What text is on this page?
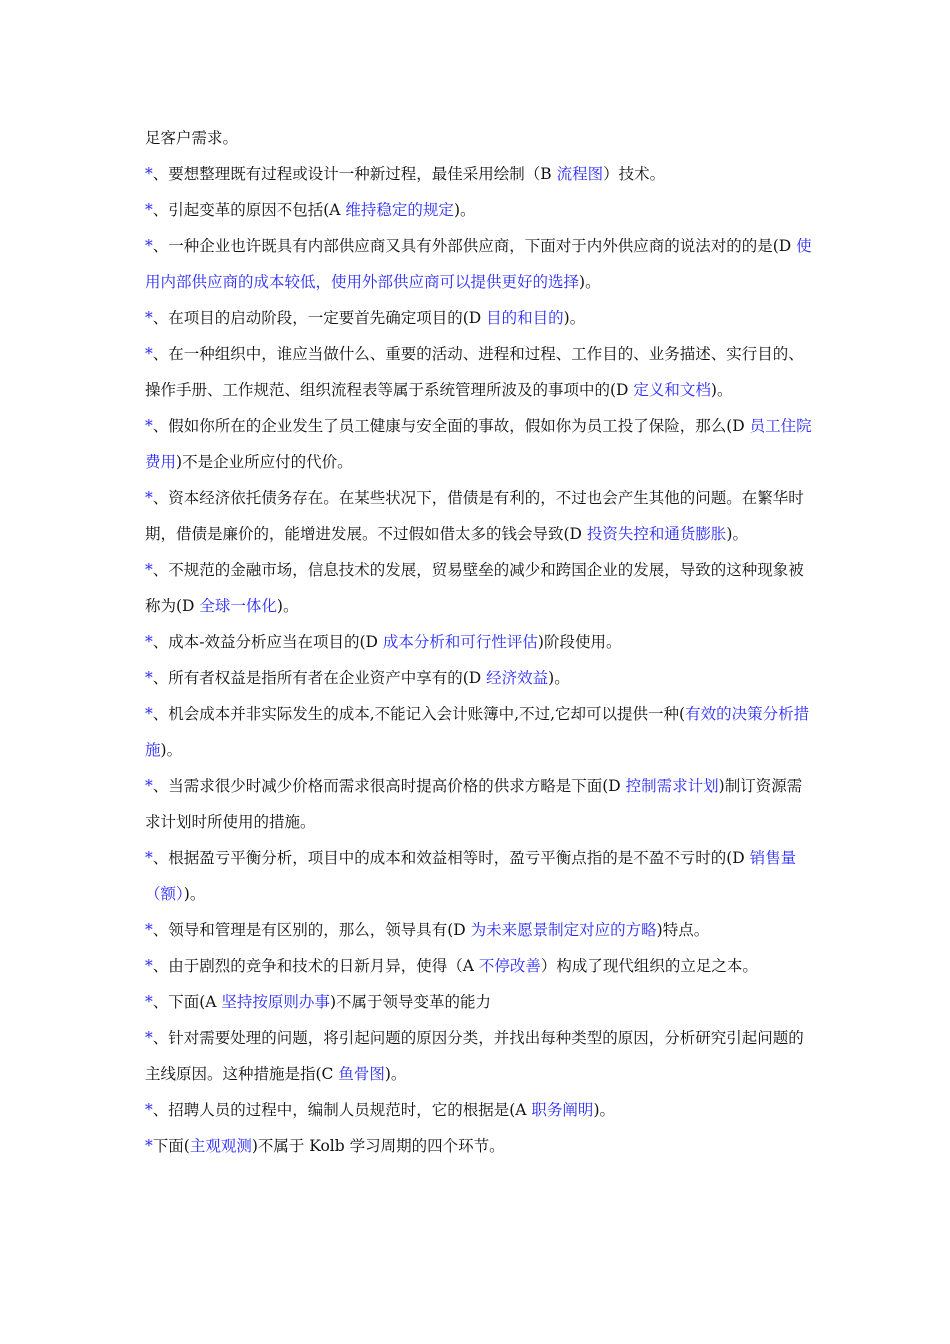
足客户需求。

*、要想整理既有过程或设计一种新过程，最佳采用绘制（B 流程图）技术。

*、引起变革的原因不包括(A 维持稳定的规定)。

*、一种企业也许既具有内部供应商又具有外部供应商，下面对于内外供应商的说法对的的是(D 使用内部供应商的成本较低，使用外部供应商可以提供更好的选择)。

*、在项目的启动阶段，一定要首先确定项目的(D 目的和目的)。

*、在一种组织中，谁应当做什么、重要的活动、进程和过程、工作目的、业务描述、实行目的、操作手册、工作规范、组织流程表等属于系统管理所波及的事项中的(D 定义和文档)。

*、假如你所在的企业发生了员工健康与安全面的事故，假如你为员工投了保险，那么(D 员工住院费用)不是企业所应付的代价。

*、资本经济依托债务存在。在某些状况下，借债是有利的，不过也会产生其他的问题。在繁华时期，借债是廉价的，能增进发展。不过假如借太多的钱会导致(D 投资失控和通货膨胀)。

*、不规范的金融市场，信息技术的发展，贸易壁垒的减少和跨国企业的发展，导致的这种现象被称为(D 全球一体化)。

*、成本-效益分析应当在项目的(D 成本分析和可行性评估)阶段使用。

*、所有者权益是指所有者在企业资产中享有的(D 经济效益)。

*、机会成本并非实际发生的成本,不能记入会计账簿中,不过,它却可以提供一种(有效的决策分析措施)。

*、当需求很少时减少价格而需求很高时提高价格的供求方略是下面(D 控制需求计划)制订资源需求计划时所使用的措施。

*、根据盈亏平衡分析，项目中的成本和效益相等时，盈亏平衡点指的是不盈不亏时的(D 销售量（额）)。

*、领导和管理是有区别的，那么，领导具有(D 为未来愿景制定对应的方略)特点。

*、由于剧烈的竞争和技术的日新月异，使得（A 不停改善）构成了现代组织的立足之本。

*、下面(A 坚持按原则办事)不属于领导变革的能力

*、针对需要处理的问题，将引起问题的原因分类，并找出每种类型的原因，分析研究引起问题的主线原因。这种措施是指(C 鱼骨图)。

*、招聘人员的过程中，编制人员规范时，它的根据是(A 职务阐明)。

*下面(主观观测)不属于 Kolb 学习周期的四个环节。
